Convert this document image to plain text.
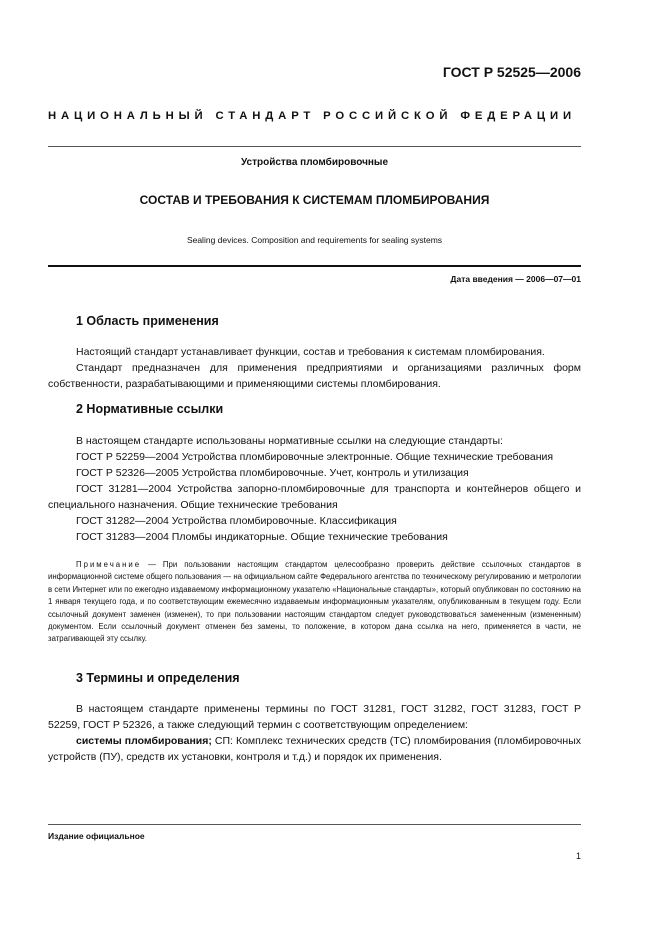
ГОСТ Р 52525—2006
НАЦИОНАЛЬНЫЙ СТАНДАРТ РОССИЙСКОЙ ФЕДЕРАЦИИ
Устройства пломбировочные
СОСТАВ И ТРЕБОВАНИЯ К СИСТЕМАМ ПЛОМБИРОВАНИЯ
Sealing devices. Composition and requirements for sealing systems
Дата введения — 2006—07—01
1 Область применения

Настоящий стандарт устанавливает функции, состав и требования к системам пломбирования.

Стандарт предназначен для применения предприятиями и организациями различных форм собственности, разрабатывающими и применяющими системы пломбирования.

2 Нормативные ссылки

В настоящем стандарте использованы нормативные ссылки на следующие стандарты:

ГОСТ Р 52259—2004 Устройства пломбировочные электронные. Общие технические требования

ГОСТ Р 52326—2005 Устройства пломбировочные. Учет, контроль и утилизация

ГОСТ 31281—2004 Устройства запорно-пломбировочные для транспорта и контейнеров общего и специального назначения. Общие технические требования

ГОСТ 31282—2004 Устройства пломбировочные. Классификация

ГОСТ 31283—2004 Пломбы индикаторные. Общие технические требования

Примечание — При пользовании настоящим стандартом целесообразно проверить действие ссылочных стандартов в информационной системе общего пользования — на официальном сайте Федерального агентства по техническому регулированию и метрологии в сети Интернет или по ежегодно издаваемому информационному указателю «Национальные стандарты», который опубликован по состоянию на 1 января текущего года, и по соответствующим ежемесячно издаваемым информационным указателям, опубликованным в текущем году. Если ссылочный документ заменен (изменен), то при пользовании настоящим стандартом следует руководствоваться замененным (измененным) документом. Если ссылочный документ отменен без замены, то положение, в котором дана ссылка на него, применяется в части, не затрагивающей эту ссылку.

3 Термины и определения

В настоящем стандарте применены термины по ГОСТ 31281, ГОСТ 31282, ГОСТ 31283, ГОСТ Р 52259, ГОСТ Р 52326, а также следующий термин с соответствующим определением:

системы пломбирования; СП: Комплекс технических средств (ТС) пломбирования (пломбировочных устройств (ПУ), средств их установки, контроля и т.д.) и порядок их применения.

Издание официальное
1
